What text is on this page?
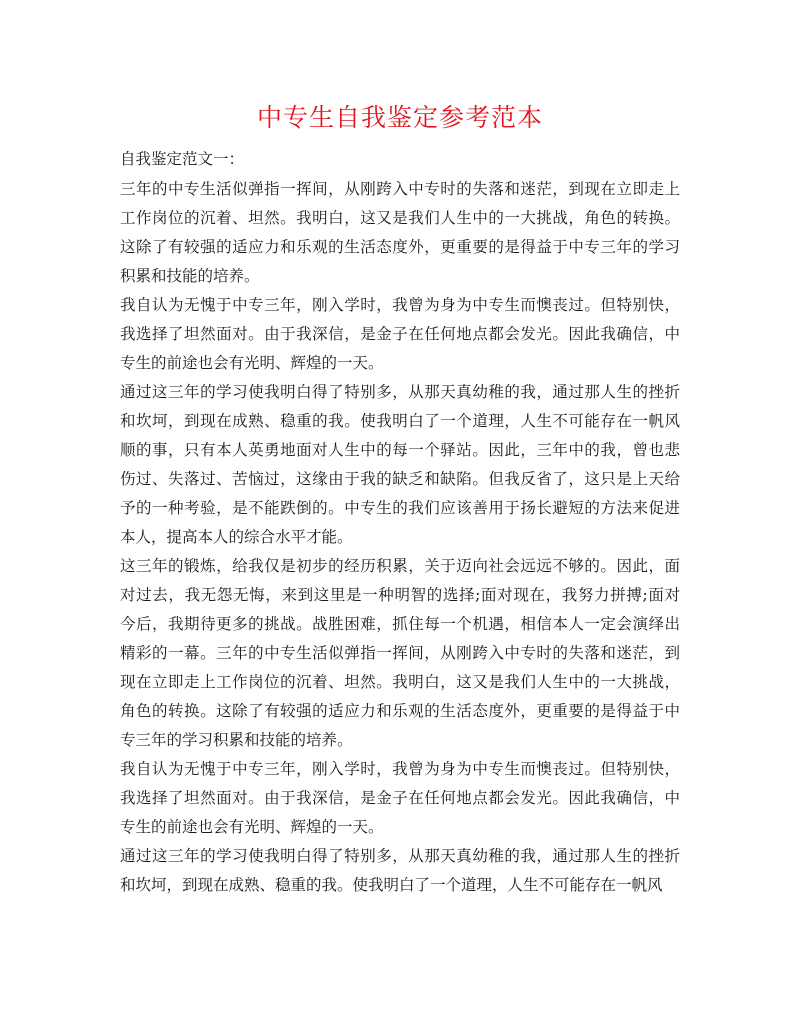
中专生自我鉴定参考范本
自我鉴定范文一：
三年的中专生活似弹指一挥间，从刚跨入中专时的失落和迷茫，到现在立即走上
工作岗位的沉着、坦然。我明白，这又是我们人生中的一大挑战，角色的转换。
这除了有较强的适应力和乐观的生活态度外，更重要的是得益于中专三年的学习
积累和技能的培养。
我自认为无愧于中专三年，刚入学时，我曾为身为中专生而懊丧过。但特别快，
我选择了坦然面对。由于我深信，是金子在任何地点都会发光。因此我确信，中
专生的前途也会有光明、辉煌的一天。
通过这三年的学习使我明白得了特别多，从那天真幼稚的我，通过那人生的挫折
和坎坷，到现在成熟、稳重的我。使我明白了一个道理，人生不可能存在一帆风
顺的事，只有本人英勇地面对人生中的每一个驿站。因此，三年中的我，曾也悲
伤过、失落过、苦恼过，这缘由于我的缺乏和缺陷。但我反省了，这只是上天给
予的一种考验，是不能跌倒的。中专生的我们应该善用于扬长避短的方法来促进
本人，提高本人的综合水平才能。
这三年的锻炼，给我仅是初步的经历积累，关于迈向社会远远不够的。因此，面
对过去，我无怨无悔，来到这里是一种明智的选择;面对现在，我努力拼搏;面对
今后，我期待更多的挑战。战胜困难，抓住每一个机遇，相信本人一定会演绎出
精彩的一幕。三年的中专生活似弹指一挥间，从刚跨入中专时的失落和迷茫，到
现在立即走上工作岗位的沉着、坦然。我明白，这又是我们人生中的一大挑战，
角色的转换。这除了有较强的适应力和乐观的生活态度外，更重要的是得益于中
专三年的学习积累和技能的培养。
我自认为无愧于中专三年，刚入学时，我曾为身为中专生而懊丧过。但特别快，
我选择了坦然面对。由于我深信，是金子在任何地点都会发光。因此我确信，中
专生的前途也会有光明、辉煌的一天。
通过这三年的学习使我明白得了特别多，从那天真幼稚的我，通过那人生的挫折
和坎坷，到现在成熟、稳重的我。使我明白了一个道理，人生不可能存在一帆风
